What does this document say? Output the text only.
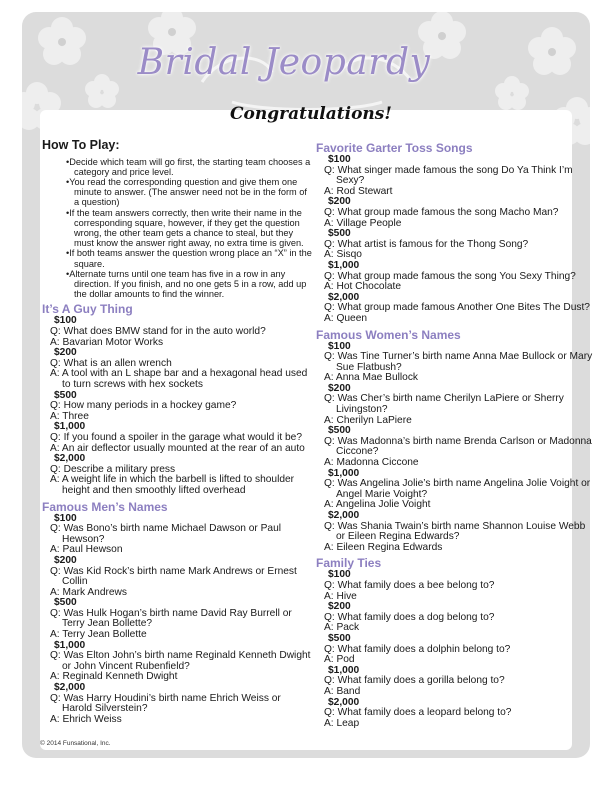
Bridal Jeopardy
Congratulations!
How To Play:
• Decide which team will go first, the starting team chooses a category and price level.
• You read the corresponding question and give them one minute to answer. (The answer need not be in the form of a question)
• If the team answers correctly, then write their name in the corresponding square, however, if they get the question wrong, the other team gets a chance to steal, but they must know the answer right away, no extra time is given.
• If both teams answer the question wrong place an “X” in the square.
• Alternate turns until one team has five in a row in any direction. If you finish, and no one gets 5 in a row, add up the dollar amounts to find the winner.
It’s A Guy Thing
$100
Q: What does BMW stand for in the auto world?
A: Bavarian Motor Works
$200
Q: What is an allen wrench
A: A tool with an L shape bar and a hexagonal head used to turn screws with hex sockets
$500
Q: How many periods in a hockey game?
A: Three
$1,000
Q: If you found a spoiler in the garage what would it be?
A: An air deflector usually mounted at the rear of an auto
$2,000
Q: Describe a military press
A: A weight life in which the barbell is lifted to shoulder height and then smoothly lifted overhead
Famous Men’s Names
$100
Q: Was Bono’s birth name Michael Dawson or Paul Hewson?
A: Paul Hewson
$200
Q: Was Kid Rock’s birth name Mark Andrews or Ernest Collin
A: Mark Andrews
$500
Q: Was Hulk Hogan’s birth name David Ray Burrell or Terry Jean Bollette?
A: Terry Jean Bollette
$1,000
Q: Was Elton John’s birth name Reginald Kenneth Dwight or John Vincent Rubenfield?
A: Reginald Kenneth Dwight
$2,000
Q: Was Harry Houdini’s birth name Ehrich Weiss or Harold Silverstein?
A: Ehrich Weiss
Favorite Garter Toss Songs
$100
Q: What singer made famous the song Do Ya Think I’m Sexy?
A: Rod Stewart
$200
Q: What group made famous the song Macho Man?
A: Village People
$500
Q: What artist is famous for the Thong Song?
A: Sisqo
$1,000
Q: What group made famous the song You Sexy Thing?
A: Hot Chocolate
$2,000
Q: What group made famous Another One Bites The Dust?
A: Queen
Famous Women’s Names
$100
Q: Was Tine Turner’s birth name Anna Mae Bullock or Mary Sue Flatbush?
A: Anna Mae Bullock
$200
Q: Was Cher’s birth name Cherilyn LaPiere or Sherry Livingston?
A: Cherilyn LaPiere
$500
Q: Was Madonna’s birth name Brenda Carlson or Madonna Ciccone?
A: Madonna Ciccone
$1,000
Q: Was Angelina Jolie’s birth name Angelina Jolie Voight or Angel Marie Voight?
A: Angelina Jolie Voight
$2,000
Q: Was Shania Twain’s birth name Shannon Louise Webb or Eileen Regina Edwards?
A: Eileen Regina Edwards
Family Ties
$100
Q: What family does a bee belong to?
A: Hive
$200
Q: What family does a dog belong to?
A: Pack
$500
Q: What family does a dolphin belong to?
A: Pod
$1,000
Q: What family does a gorilla belong to?
A: Band
$2,000
Q: What family does a leopard belong to?
A: Leap
© 2014 Funsational, Inc.
